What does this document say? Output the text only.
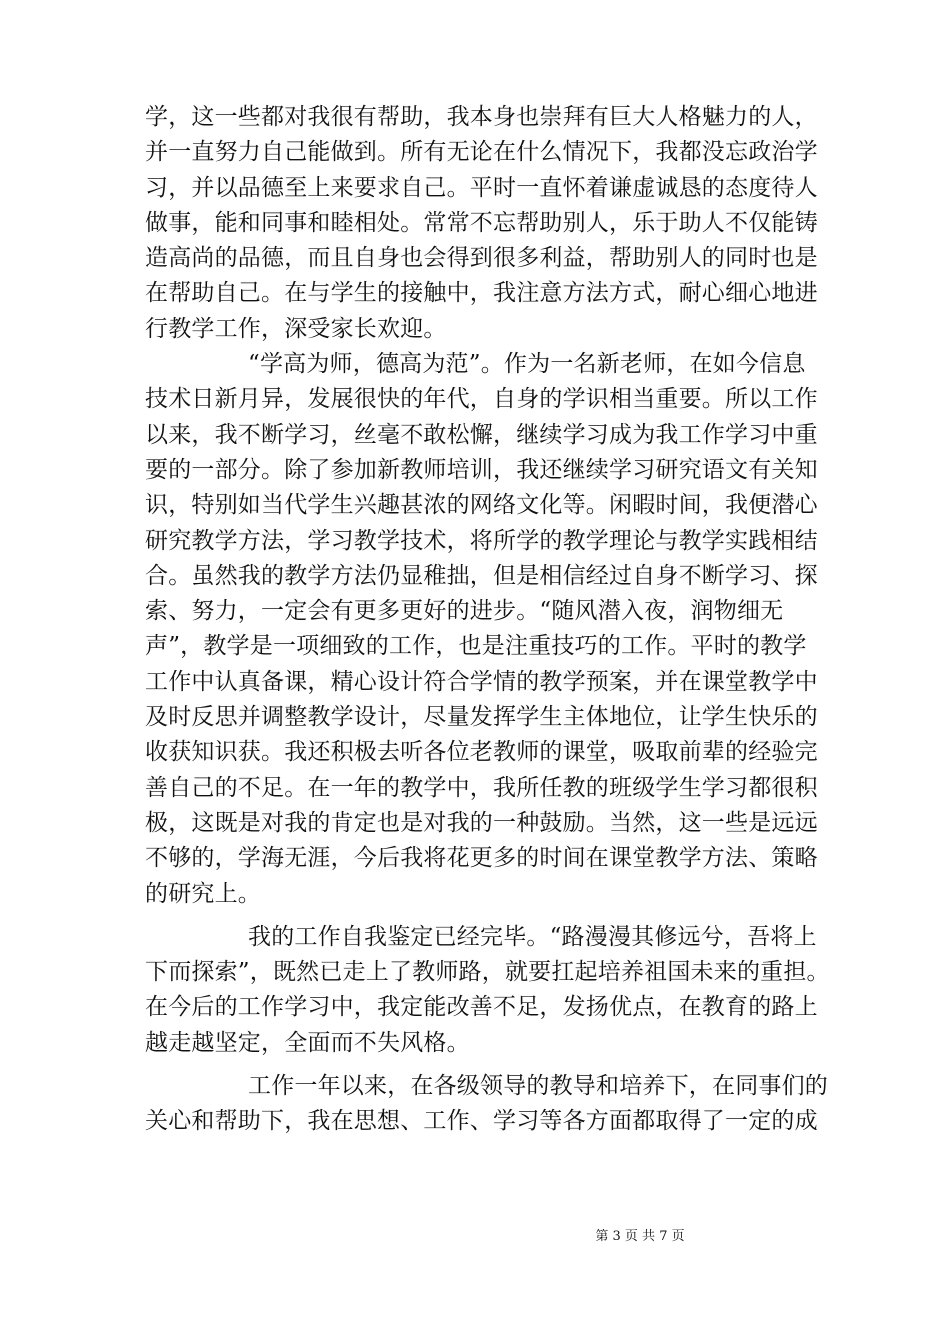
学，这一些都对我很有帮助，我本身也崇拜有巨大人格魅力的人，
并一直努力自己能做到。所有无论在什么情况下，我都没忘政治学
习，并以品德至上来要求自己。平时一直怀着谦虚诚恳的态度待人
做事，能和同事和睦相处。常常不忘帮助别人，乐于助人不仅能铸
造高尚的品德，而且自身也会得到很多利益，帮助别人的同时也是
在帮助自己。在与学生的接触中，我注意方法方式，耐心细心地进
行教学工作，深受家长欢迎。
“学高为师，德高为范”。作为一名新老师，在如今信息
技术日新月异，发展很快的年代，自身的学识相当重要。所以工作
以来，我不断学习，丝毫不敢松懈，继续学习成为我工作学习中重
要的一部分。除了参加新教师培训，我还继续学习研究语文有关知
识，特别如当代学生兴趣甚浓的网络文化等。闲暇时间，我便潜心
研究教学方法，学习教学技术，将所学的教学理论与教学实践相结
合。虽然我的教学方法仍显稚拙，但是相信经过自身不断学习、探
索、努力，一定会有更多更好的进步。“随风潜入夜，润物细无
声”，教学是一项细致的工作，也是注重技巧的工作。平时的教学
工作中认真备课，精心设计符合学情的教学预案，并在课堂教学中
及时反思并调整教学设计，尽量发挥学生主体地位，让学生快乐的
收获知识获。我还积极去听各位老教师的课堂，吸取前辈的经验完
善自己的不足。在一年的教学中，我所任教的班级学生学习都很积
极，这既是对我的肯定也是对我的一种鼓励。当然，这一些是远远
不够的，学海无涯，今后我将花更多的时间在课堂教学方法、策略
的研究上。
我的工作自我鉴定已经完毕。“路漫漫其修远兮，吾将上
下而探索”，既然已走上了教师路，就要扛起培养祖国未来的重担。
在今后的工作学习中，我定能改善不足，发扬优点，在教育的路上
越走越坚定，全面而不失风格。
工作一年以来，在各级领导的教导和培养下，在同事们的
关心和帮助下，我在思想、工作、学习等各方面都取得了一定的成
第 3 页 共 7 页
